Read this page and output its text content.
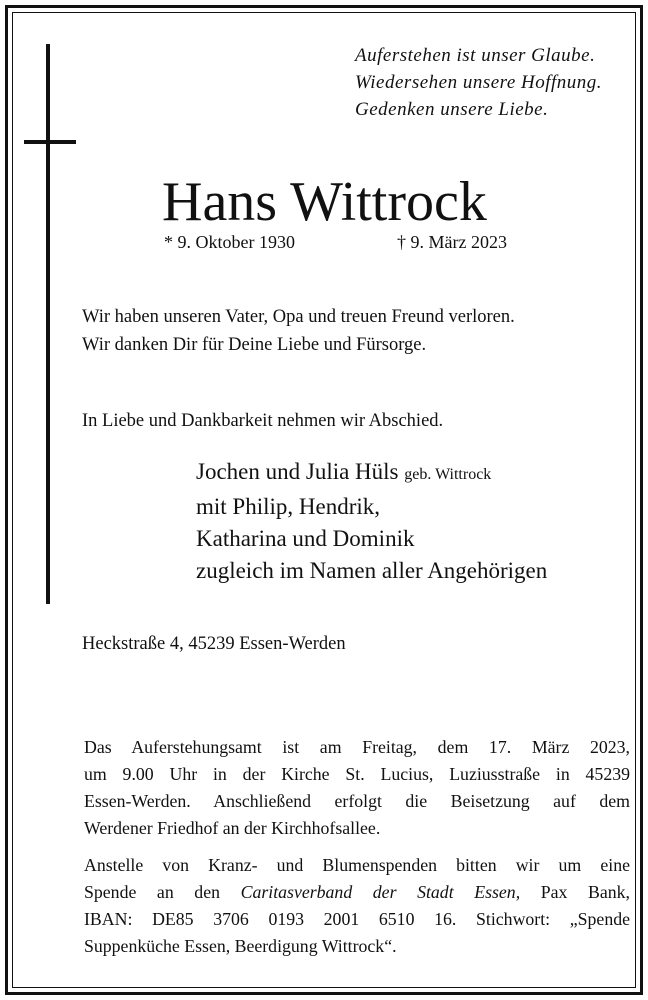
Auferstehen ist unser Glaube.
Wiedersehen unsere Hoffnung.
Gedenken unsere Liebe.
Hans Wittrock
* 9. Oktober 1930	† 9. März 2023
Wir haben unseren Vater, Opa und treuen Freund verloren.
Wir danken Dir für Deine Liebe und Fürsorge.
In Liebe und Dankbarkeit nehmen wir Abschied.
Jochen und Julia Hüls geb. Wittrock
mit Philip, Hendrik,
Katharina und Dominik
zugleich im Namen aller Angehörigen
Heckstraße 4, 45239 Essen-Werden
Das Auferstehungsamt ist am Freitag, dem 17. März 2023,
um 9.00 Uhr in der Kirche St. Lucius, Luziusstraße in 45239
Essen-Werden. Anschließend erfolgt die Beisetzung auf dem
Werdener Friedhof an der Kirchhofsallee.
Anstelle von Kranz- und Blumenspenden bitten wir um eine
Spende an den Caritasverband der Stadt Essen, Pax Bank,
IBAN: DE85 3706 0193 2001 6510 16. Stichwort: „Spende
Suppenküche Essen, Beerdigung Wittrock“.
